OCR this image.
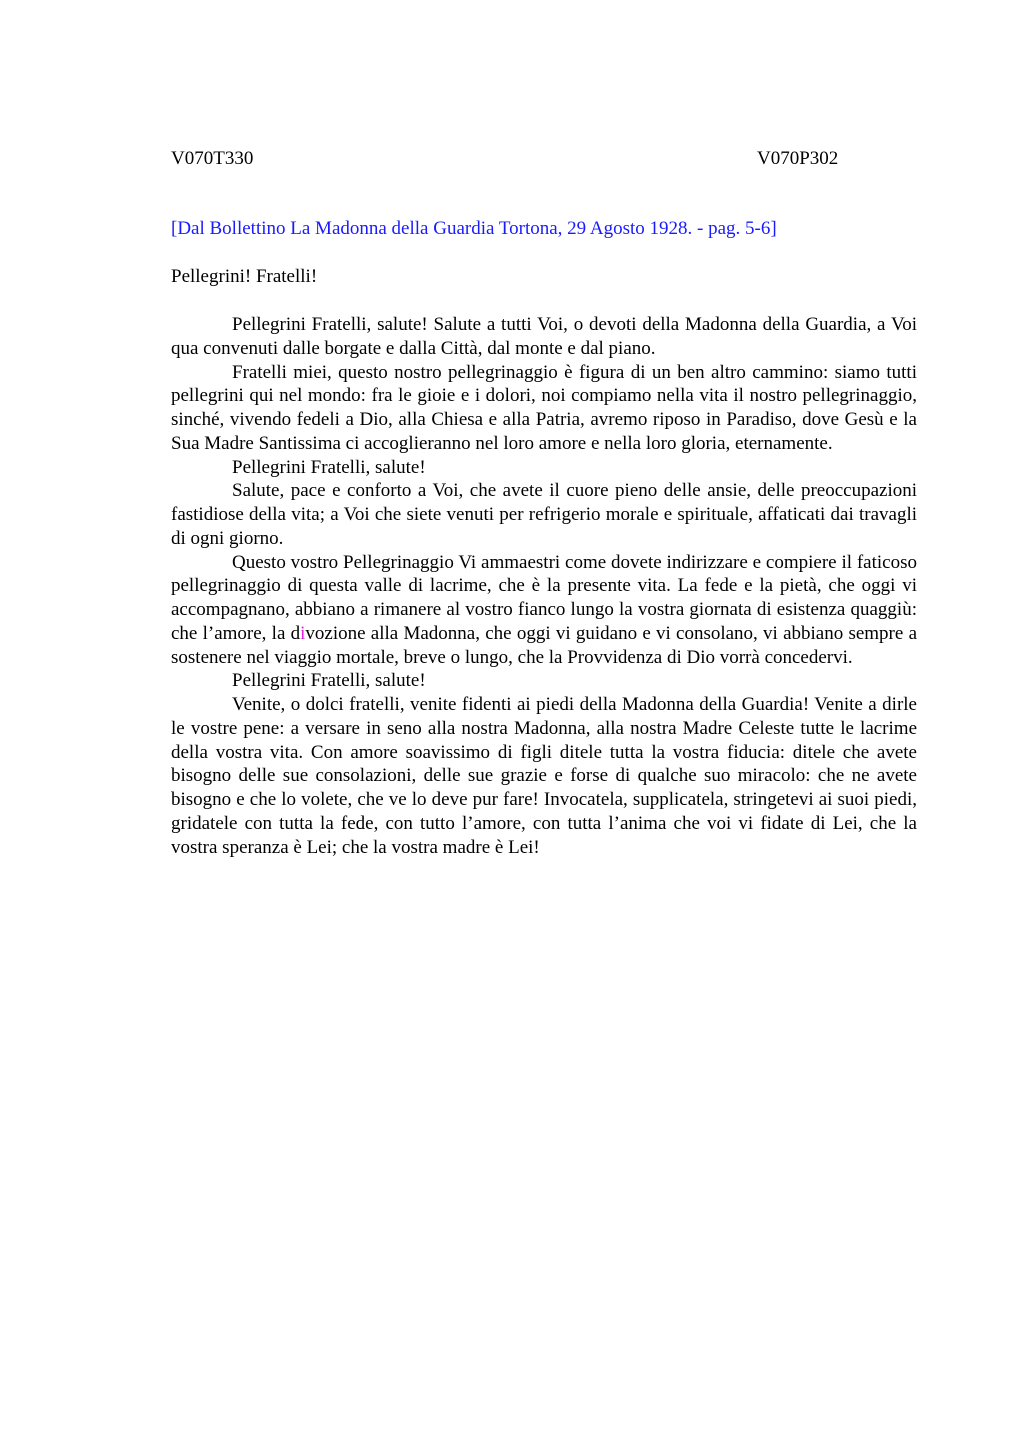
V070T330	V070P302
[Dal Bollettino La Madonna della Guardia Tortona, 29 Agosto 1928. - pag. 5-6]
Pellegrini! Fratelli!

Pellegrini Fratelli, salute! Salute a tutti Voi, o devoti della Madonna della Guardia, a Voi qua convenuti dalle borgate e dalla Città, dal monte e dal piano.

Fratelli miei, questo nostro pellegrinaggio è figura di un ben altro cammino: siamo tutti pellegrini qui nel mondo: fra le gioie e i dolori, noi compiamo nella vita il nostro pellegrinaggio, sinché, vivendo fedeli a Dio, alla Chiesa e alla Patria, avremo riposo in Paradiso, dove Gesù e la Sua Madre Santissima ci accoglieranno nel loro amore e nella loro gloria, eternamente.

Pellegrini Fratelli, salute!

Salute, pace e conforto a Voi, che avete il cuore pieno delle ansie, delle preoccupazioni fastidiose della vita; a Voi che siete venuti per refrigerio morale e spirituale, affaticati dai travagli di ogni giorno.

Questo vostro Pellegrinaggio Vi ammaestri come dovete indirizzare e compiere il faticoso pellegrinaggio di questa valle di lacrime, che è la presente vita. La fede e la pietà, che oggi vi accompagnano, abbiano a rimanere al vostro fianco lungo la vostra giornata di esistenza quaggiù: che l’amore, la divozione alla Madonna, che oggi vi guidano e vi consolano, vi abbiano sempre a sostenere nel viaggio mortale, breve o lungo, che la Provvidenza di Dio vorrà concedervi.

Pellegrini Fratelli, salute!

Venite, o dolci fratelli, venite fidenti ai piedi della Madonna della Guardia! Venite a dirle le vostre pene: a versare in seno alla nostra Madonna, alla nostra Madre Celeste tutte le lacrime della vostra vita. Con amore soavissimo di figli ditele tutta la vostra fiducia: ditele che avete bisogno delle sue consolazioni, delle sue grazie e forse di qualche suo miracolo: che ne avete bisogno e che lo volete, che ve lo deve pur fare! Invocatela, supplicatela, stringetevi ai suoi piedi, gridatele con tutta la fede, con tutto l’amore, con tutta l’anima che voi vi fidate di Lei, che la vostra speranza è Lei; che la vostra madre è Lei!
